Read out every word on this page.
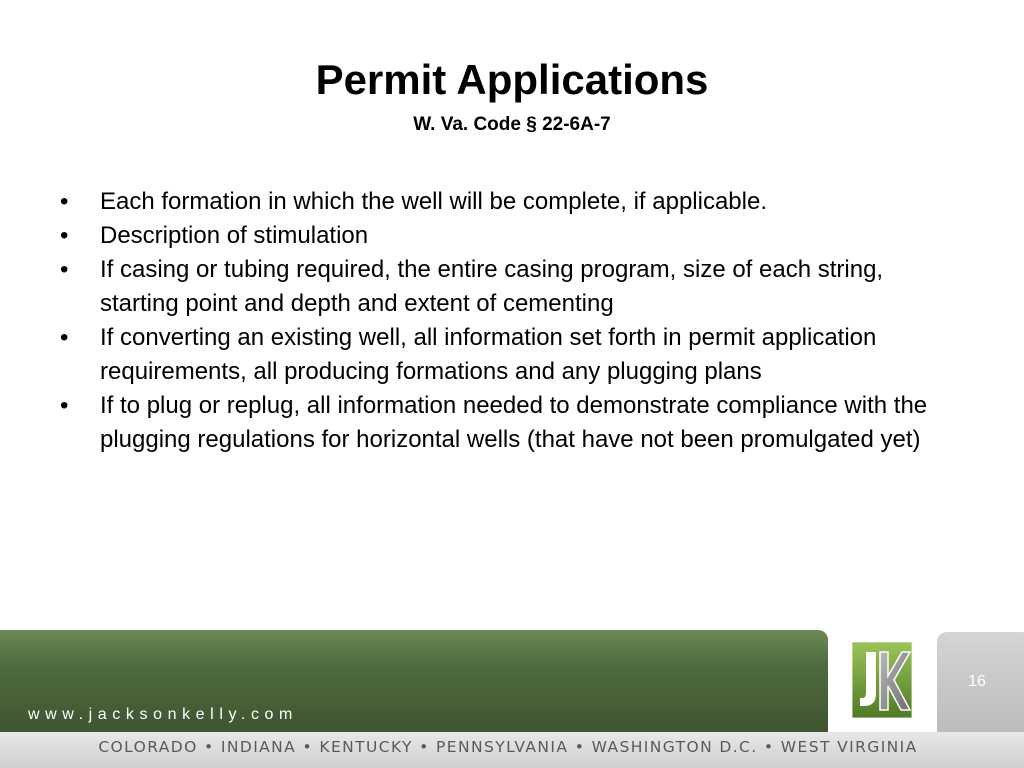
Permit Applications
W. Va. Code § 22-6A-7
• Each formation in which the well will be complete, if applicable.
• Description of stimulation
• If casing or tubing required, the entire casing program, size of each string, starting point and depth and extent of cementing
• If converting an existing well, all information set forth in permit application requirements, all producing formations and any plugging plans
• If to plug or replug, all information needed to demonstrate compliance with the plugging regulations for horizontal wells (that have not been promulgated yet)
www.jacksonkelly.com
16
COLORADO • INDIANA • KENTUCKY • PENNSYLVANIA • WASHINGTON D.C. • WEST VIRGINIA
